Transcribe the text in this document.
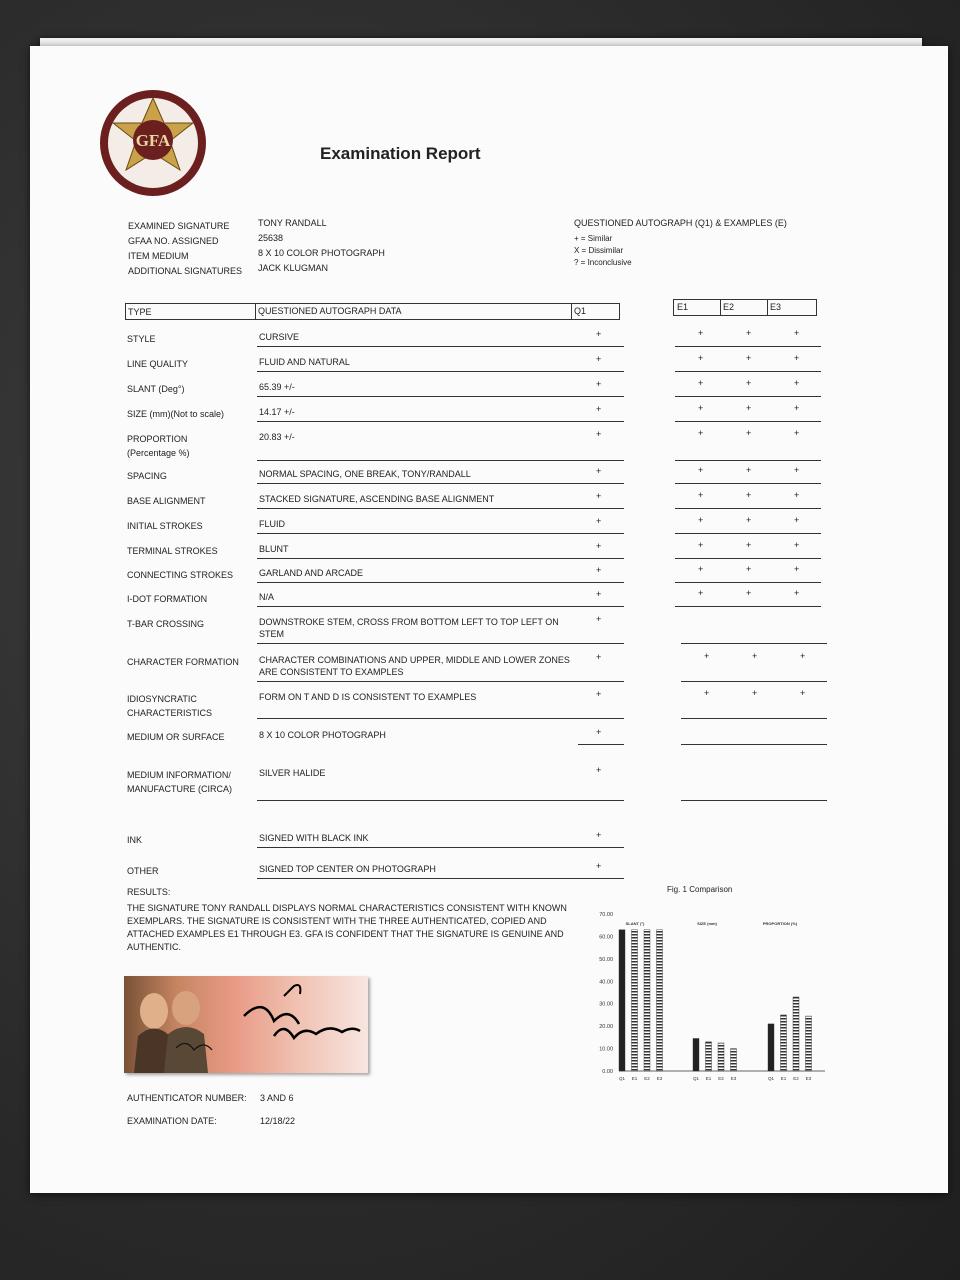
GFA
Examination Report
EXAMINED SIGNATURE	TONY RANDALL
GFAA NO. ASSIGNED	25638
ITEM MEDIUM	8 X 10 COLOR PHOTOGRAPH
ADDITIONAL SIGNATURES JACK KLUGMAN
QUESTIONED AUTOGRAPH (Q1) & EXAMPLES (E)
+ = Similar
X = Dissimilar
? = Inconclusive
TYPE	QUESTIONED AUTOGRAPH DATA	Q1	E1	E2	E3
STYLE	CURSIVE	+	+	+	+
LINE QUALITY	FLUID AND NATURAL	+	+	+	+
SLANT (Deg°)	65.39 +/-	+	+	+	+
SIZE (mm)(Not to scale)	14.17 +/-	+	+	+	+
PROPORTION
(Percentage %)
20.83 +/-	+	+	+	+
SPACING	NORMAL SPACING, ONE BREAK, TONY/RANDALL	+	+	+	+
BASE ALIGNMENT	STACKED SIGNATURE, ASCENDING BASE ALIGNMENT	+	+	+	+
INITIAL STROKES	FLUID	+	+	+	+
TERMINAL STROKES	BLUNT	+	+	+	+
CONNECTING STROKES	GARLAND AND ARCADE	+	+	+	+
I-DOT FORMATION	N/A	+	+	+	+
T-BAR CROSSING	DOWNSTROKE STEM, CROSS FROM BOTTOM LEFT TO TOP LEFT ON
STEM
+
CHARACTER FORMATION CHARACTER COMBINATIONS AND UPPER, MIDDLE AND LOWER ZONES
ARE CONSISTENT TO EXAMPLES
+	+	+	+
IDIOSYNCRATIC
CHARACTERISTICS
FORM ON T AND D IS CONSISTENT TO EXAMPLES	+	+	+	+
MEDIUM OR SURFACE	8 X 10 COLOR PHOTOGRAPH	+
MEDIUM INFORMATION/
MANUFACTURE (CIRCA)
SILVER HALIDE	+
INK	SIGNED WITH BLACK INK	+
OTHER	SIGNED TOP CENTER ON PHOTOGRAPH	+
RESULTS:
THE SIGNATURE TONY RANDALL DISPLAYS NORMAL CHARACTERISTICS CONSISTENT WITH KNOWN EXEMPLARS. THE SIGNATURE IS CONSISTENT WITH THE THREE AUTHENTICATED, COPIED AND ATTACHED EXAMPLES E1 THROUGH E3. GFA IS CONFIDENT THAT THE SIGNATURE IS GENUINE AND AUTHENTIC.
AUTHENTICATOR NUMBER: 3 AND 6
EXAMINATION DATE:	12/18/22
Fig. 1 Comparison
0.00
10.00
20.00
30.00
40.00
50.00
60.00
70.00
SLANT (°)
Q1 E1 E2 E3
SIZE (mm)
Q1 E1 E2 E3
PROPORTION (%)
Q1 E1 E2 E3
